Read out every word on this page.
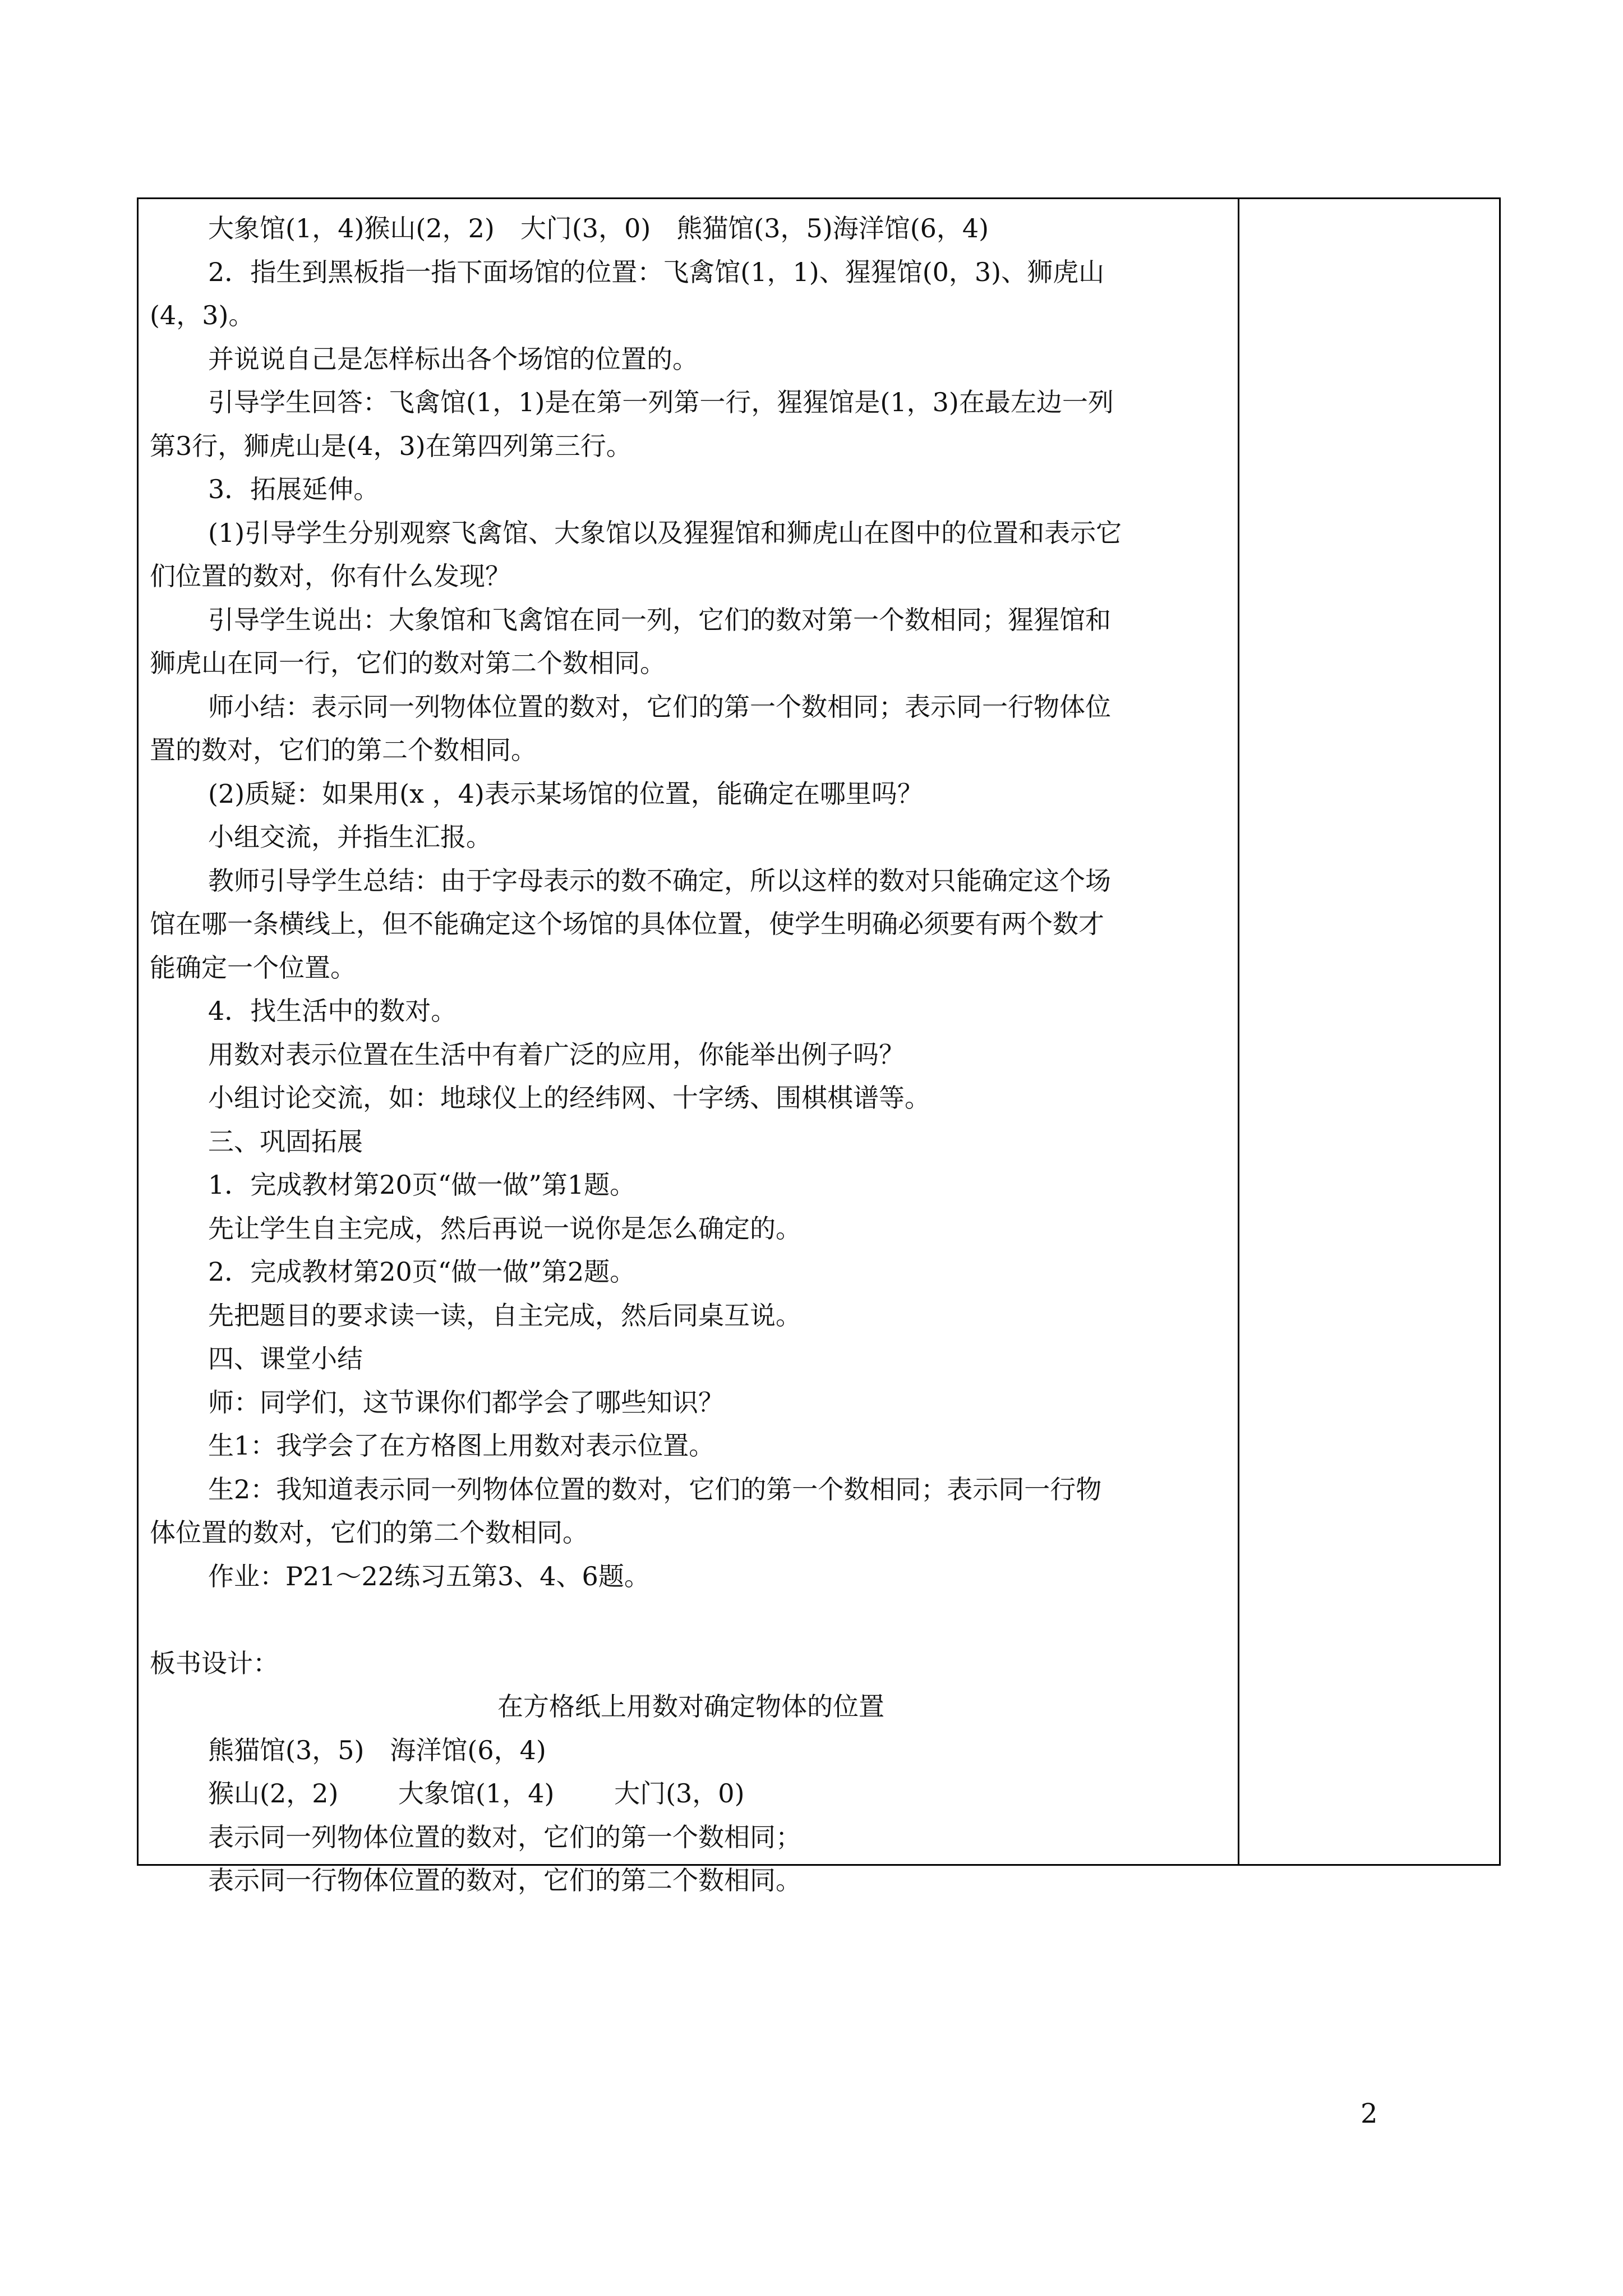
大象馆(1，4)猴山(2，2)　大门(3，0)　熊猫馆(3，5)海洋馆(6，4)
2．指生到黑板指一指下面场馆的位置：飞禽馆(1，1)、猩猩馆(0，3)、狮虎山
(4，3)。
并说说自己是怎样标出各个场馆的位置的。
引导学生回答：飞禽馆(1，1)是在第一列第一行，猩猩馆是(1，3)在最左边一列
第3行，狮虎山是(4，3)在第四列第三行。
3．拓展延伸。
(1)引导学生分别观察飞禽馆、大象馆以及猩猩馆和狮虎山在图中的位置和表示它
们位置的数对，你有什么发现？
引导学生说出：大象馆和飞禽馆在同一列，它们的数对第一个数相同；猩猩馆和
狮虎山在同一行，它们的数对第二个数相同。
师小结：表示同一列物体位置的数对，它们的第一个数相同；表示同一行物体位
置的数对，它们的第二个数相同。
(2)质疑：如果用(x ，4)表示某场馆的位置，能确定在哪里吗？
小组交流，并指生汇报。
教师引导学生总结：由于字母表示的数不确定，所以这样的数对只能确定这个场
馆在哪一条横线上，但不能确定这个场馆的具体位置，使学生明确必须要有两个数才
能确定一个位置。
4．找生活中的数对。
用数对表示位置在生活中有着广泛的应用，你能举出例子吗？
小组讨论交流，如：地球仪上的经纬网、十字绣、围棋棋谱等。
三、巩固拓展
1．完成教材第20页“做一做”第1题。
先让学生自主完成，然后再说一说你是怎么确定的。
2．完成教材第20页“做一做”第2题。
先把题目的要求读一读，自主完成，然后同桌互说。
四、课堂小结
师：同学们，这节课你们都学会了哪些知识？
生1：我学会了在方格图上用数对表示位置。
生2：我知道表示同一列物体位置的数对，它们的第一个数相同；表示同一行物
体位置的数对，它们的第二个数相同。
作业：P21～22练习五第3、4、6题。
板书设计：
在方格纸上用数对确定物体的位置
熊猫馆(3，5)　海洋馆(6，4)
猴山(2，2)　　 大象馆(1，4)　　 大门(3，0)
表示同一列物体位置的数对，它们的第一个数相同；
表示同一行物体位置的数对，它们的第二个数相同。
2
